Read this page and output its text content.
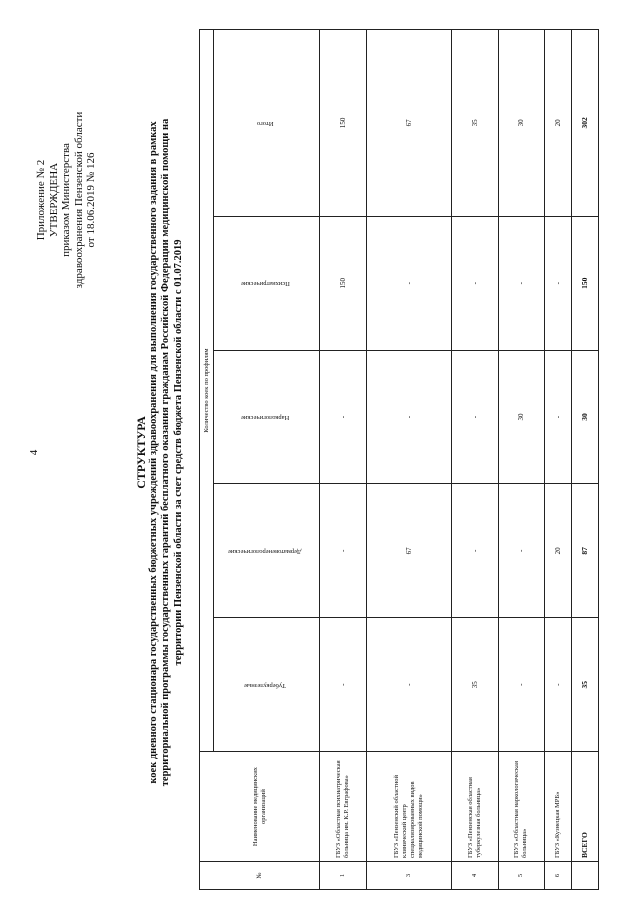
4
Приложение № 2 УТВЕРЖДЕНА приказом Министерства здравоохранения Пензенской области от 18.06.2019 № 126
СТРУКТУРА коек дневного стационара государственных бюджетных учреждений здравоохранения для выполнения государственного задания в рамках территориальной программы государственных гарантий бесплатного оказания гражданам Российской Федерации медицинской помощи на территории Пензенской области за счет средств бюджета Пензенской области с 01.07.2019
№	Наименование медицинских организаций	Количество коек по профилям				
		Туберкулезные	Дерматовенерологические	Наркологические	Психиатрические	Итого
1	ГБУЗ «Областная психиатрическая больница им. К.Р. Евграфова»	-	-	-	150	150
3	ГБУЗ «Пензенский областной клинический центр специализированных видов медицинской помощи»	-	67	-	-	67
4	ГБУЗ «Пензенская областная туберкулезная больница»	35	-	-	-	35
5	ГБУЗ «Областная наркологическая больница»	-	-	30	-	30
6	ГБУЗ «Кузнецкая МРБ»	-	20	-	-	20
	ВСЕГО	35	87	30	150	302
